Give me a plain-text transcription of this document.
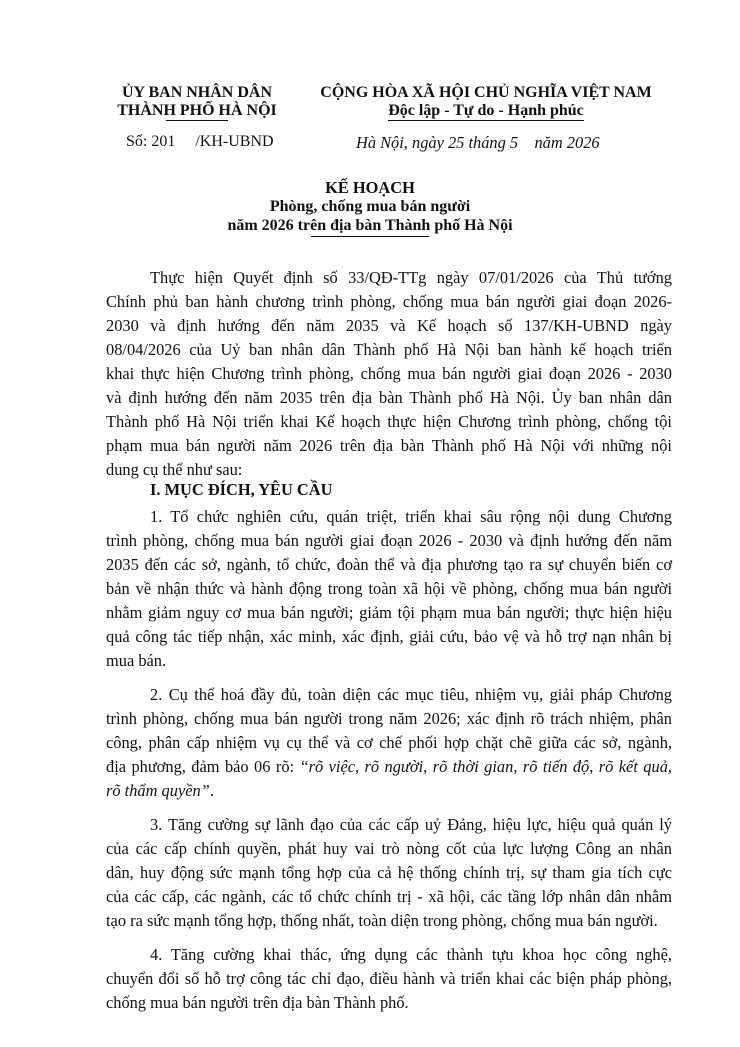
ỦY BAN NHÂN DÂN
THÀNH PHỐ HÀ NỘI
CỘNG HÒA XÃ HỘI CHỦ NGHĨA VIỆT NAM
Độc lập - Tự do - Hạnh phúc
Số: 201     /KH-UBND	Hà Nội, ngày 25 tháng 5    năm 2026
KẾ HOẠCH
Phòng, chống mua bán người
năm 2026 trên địa bàn Thành phố Hà Nội
Thực hiện Quyết định số 33/QĐ-TTg ngày 07/01/2026 của Thủ tướng
Chính phủ ban hành chương trình phòng, chống mua bán người giai đoạn 2026-
2030 và định hướng đến năm 2035 và Kế hoạch số 137/KH-UBND ngày
08/04/2026 của Uỷ ban nhân dân Thành phố Hà Nội ban hành kế hoạch triển
khai thực hiện Chương trình phòng, chống mua bán người giai đoạn 2026 - 2030
và định hướng đến năm 2035 trên địa bàn Thành phố Hà Nội. Ủy ban nhân dân
Thành phố Hà Nội triển khai Kế hoạch thực hiện Chương trình phòng, chống tội
phạm mua bán người năm 2026 trên địa bàn Thành phố Hà Nội với những nội
dung cụ thể như sau:
I. MỤC ĐÍCH, YÊU CẦU
1. Tổ chức nghiên cứu, quán triệt, triển khai sâu rộng nội dung Chương
trình phòng, chống mua bán người giai đoạn 2026 - 2030 và định hướng đến năm
2035 đến các sở, ngành, tổ chức, đoàn thể và địa phương tạo ra sự chuyển biến cơ
bản về nhận thức và hành động trong toàn xã hội về phòng, chống mua bán người
nhằm giảm nguy cơ mua bán người; giảm tội phạm mua bán người; thực hiện hiệu
quả công tác tiếp nhận, xác minh, xác định, giải cứu, bảo vệ và hỗ trợ nạn nhân bị
mua bán.
2. Cụ thể hoá đầy đủ, toàn diện các mục tiêu, nhiệm vụ, giải pháp Chương
trình phòng, chống mua bán người trong năm 2026; xác định rõ trách nhiệm, phân
công, phân cấp nhiệm vụ cụ thể và cơ chế phối hợp chặt chẽ giữa các sở, ngành,
địa phương, đảm bảo 06 rõ: “rõ việc, rõ người, rõ thời gian, rõ tiến độ, rõ kết quả,
rõ thẩm quyền”.
3. Tăng cường sự lãnh đạo của các cấp uỷ Đảng, hiệu lực, hiệu quả quản lý
của các cấp chính quyền, phát huy vai trò nòng cốt của lực lượng Công an nhân
dân, huy động sức mạnh tổng hợp của cả hệ thống chính trị, sự tham gia tích cực
của các cấp, các ngành, các tổ chức chính trị - xã hội, các tầng lớp nhân dân nhằm
tạo ra sức mạnh tổng hợp, thống nhất, toàn diện trong phòng, chống mua bán người.
4. Tăng cường khai thác, ứng dụng các thành tựu khoa học công nghệ,
chuyển đổi số hỗ trợ công tác chỉ đạo, điều hành và triển khai các biện pháp phòng,
chống mua bán người trên địa bàn Thành phố.
